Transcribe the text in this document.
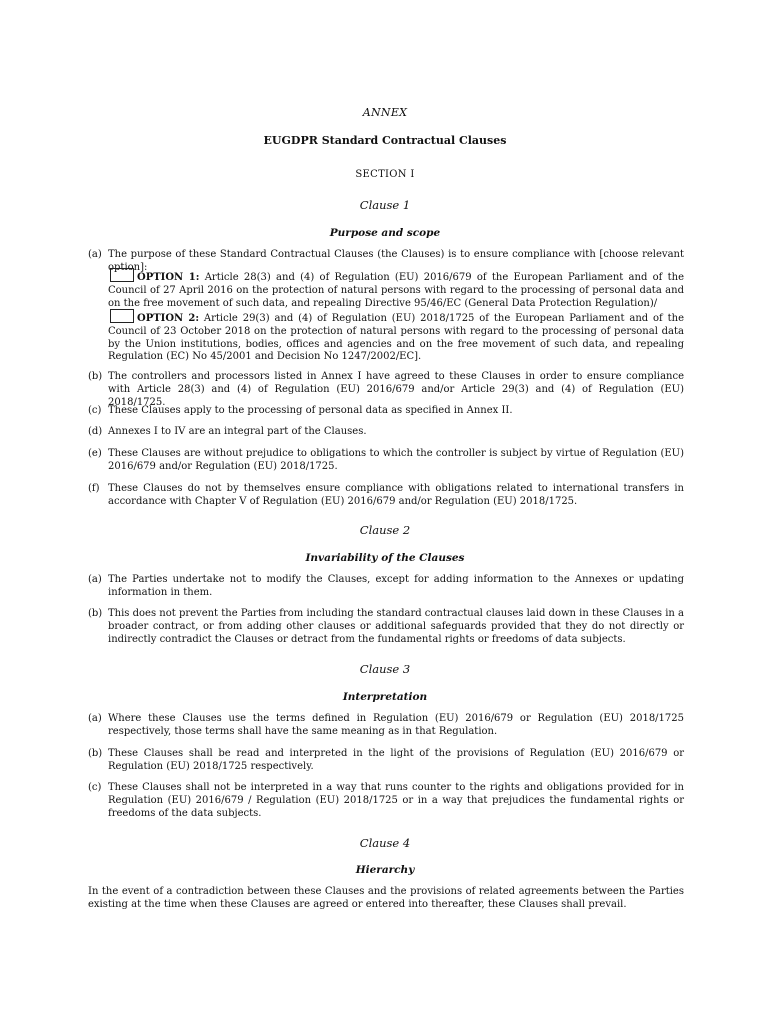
ANNEX
EUGDPR Standard Contractual Clauses
SECTION I
Clause 1
Purpose and scope
(a) The purpose of these Standard Contractual Clauses (the Clauses) is to ensure compliance with [choose relevant option]:
OPTION 1: Article 28(3) and (4) of Regulation (EU) 2016/679 of the European Parliament and of the Council of 27 April 2016 on the protection of natural persons with regard to the processing of personal data and on the free movement of such data, and repealing Directive 95/46/EC (General Data Protection Regulation)/
OPTION 2: Article 29(3) and (4) of Regulation (EU) 2018/1725 of the European Parliament and of the Council of 23 October 2018 on the protection of natural persons with regard to the processing of personal data by the Union institutions, bodies, offices and agencies and on the free movement of such data, and repealing Regulation (EC) No 45/2001 and Decision No 1247/2002/EC].
(b) The controllers and processors listed in Annex I have agreed to these Clauses in order to ensure compliance with Article 28(3) and (4) of Regulation (EU) 2016/679 and/or Article 29(3) and (4) of Regulation (EU) 2018/1725.
(c) These Clauses apply to the processing of personal data as specified in Annex II.
(d) Annexes I to IV are an integral part of the Clauses.
(e) These Clauses are without prejudice to obligations to which the controller is subject by virtue of Regulation (EU) 2016/679 and/or Regulation (EU) 2018/1725.
(f) These Clauses do not by themselves ensure compliance with obligations related to international transfers in accordance with Chapter V of Regulation (EU) 2016/679 and/or Regulation (EU) 2018/1725.
Clause 2
Invariability of the Clauses
(a) The Parties undertake not to modify the Clauses, except for adding information to the Annexes or updating information in them.
(b) This does not prevent the Parties from including the standard contractual clauses laid down in these Clauses in a broader contract, or from adding other clauses or additional safeguards provided that they do not directly or indirectly contradict the Clauses or detract from the fundamental rights or freedoms of data subjects.
Clause 3
Interpretation
(a) Where these Clauses use the terms defined in Regulation (EU) 2016/679 or Regulation (EU) 2018/1725 respectively, those terms shall have the same meaning as in that Regulation.
(b) These Clauses shall be read and interpreted in the light of the provisions of Regulation (EU) 2016/679 or Regulation (EU) 2018/1725 respectively.
(c) These Clauses shall not be interpreted in a way that runs counter to the rights and obligations provided for in Regulation (EU) 2016/679 / Regulation (EU) 2018/1725 or in a way that prejudices the fundamental rights or freedoms of the data subjects.
Clause 4
Hierarchy
In the event of a contradiction between these Clauses and the provisions of related agreements between the Parties existing at the time when these Clauses are agreed or entered into thereafter, these Clauses shall prevail.
